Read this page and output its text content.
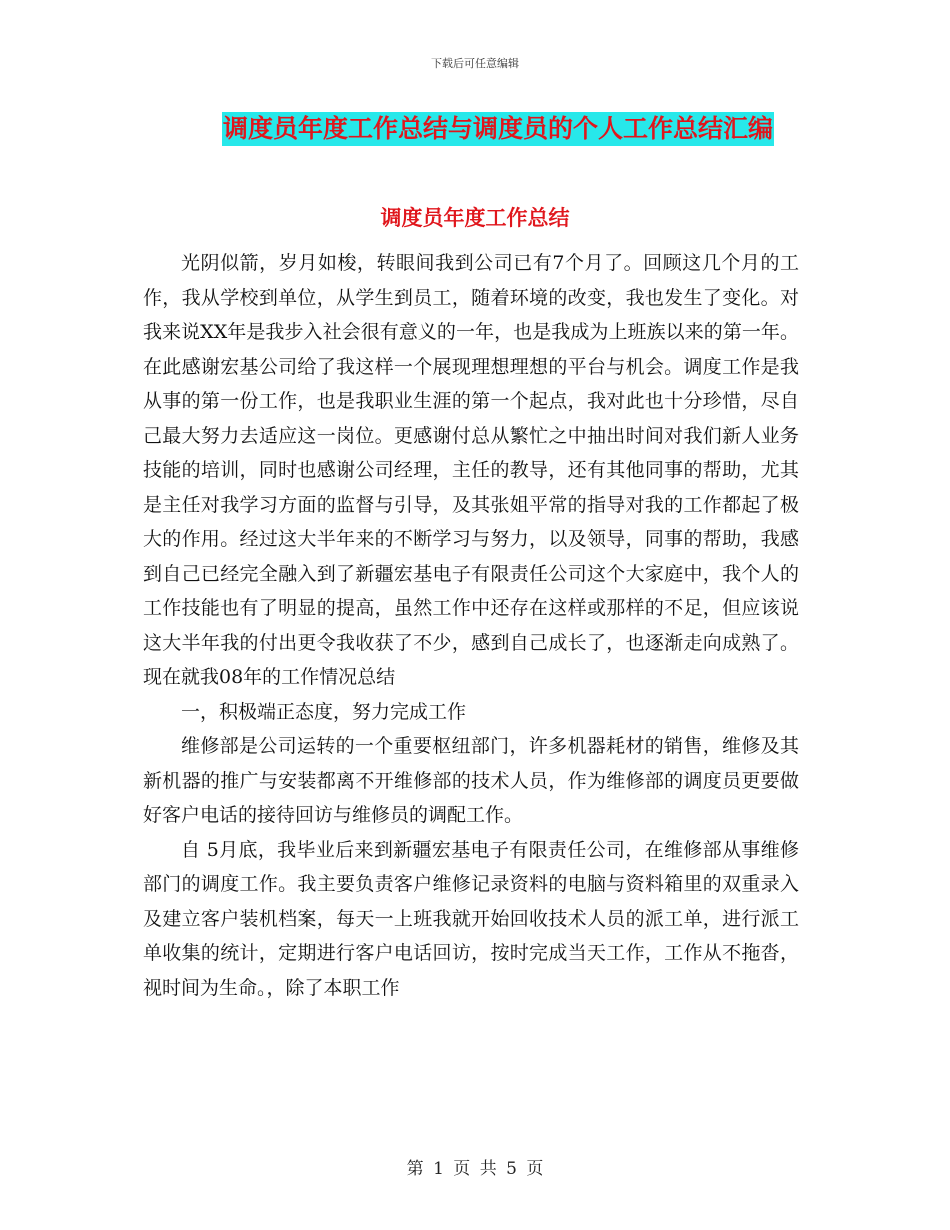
下载后可任意编辑
调度员年度工作总结与调度员的个人工作总结汇编
调度员年度工作总结

光阴似箭，岁月如梭，转眼间我到公司已有7个月了。回顾这几个月的工作，我从学校到单位，从学生到员工，随着环境的改变，我也发生了变化。对我来说XX年是我步入社会很有意义的一年，也是我成为上班族以来的第一年。在此感谢宏基公司给了我这样一个展现理想理想的平台与机会。调度工作是我从事的第一份工作，也是我职业生涯的第一个起点，我对此也十分珍惜，尽自己最大努力去适应这一岗位。更感谢付总从繁忙之中抽出时间对我们新人业务技能的培训，同时也感谢公司经理，主任的教导，还有其他同事的帮助，尤其是主任对我学习方面的监督与引导，及其张姐平常的指导对我的工作都起了极大的作用。经过这大半年来的不断学习与努力，以及领导，同事的帮助，我感到自己已经完全融入到了新疆宏基电子有限责任公司这个大家庭中，我个人的工作技能也有了明显的提高，虽然工作中还存在这样或那样的不足，但应该说这大半年我的付出更令我收获了不少，感到自己成长了，也逐渐走向成熟了。现在就我08年的工作情况总结

一，积极端正态度，努力完成工作

维修部是公司运转的一个重要枢纽部门，许多机器耗材的销售，维修及其新机器的推广与安装都离不开维修部的技术人员，作为维修部的调度员更要做好客户电话的接待回访与维修员的调配工作。

自 5月底，我毕业后来到新疆宏基电子有限责任公司，在维修部从事维修部门的调度工作。我主要负责客户维修记录资料的电脑与资料箱里的双重录入及建立客户装机档案，每天一上班我就开始回收技术人员的派工单，进行派工单收集的统计，定期进行客户电话回访，按时完成当天工作，工作从不拖沓，视时间为生命。，除了本职工作

第 1 页 共 5 页
